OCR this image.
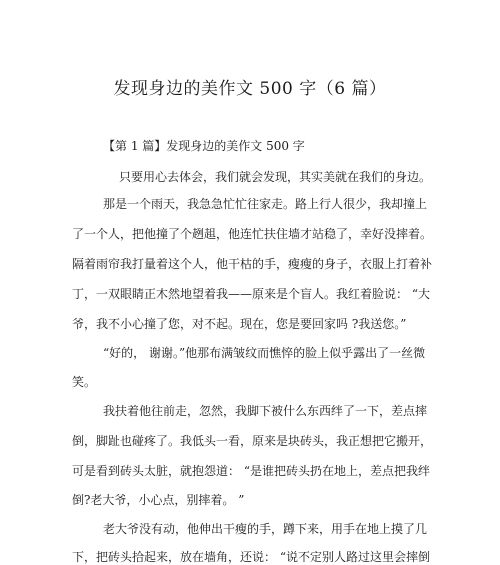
发现身边的美作文 500 字（6 篇）
【第 1 篇】发现身边的美作文 500 字
只要用心去体会，我们就会发现，其实美就在我们的身边。
那是一个雨天，我急急忙忙往家走。路上行人很少，我却撞上
了一个人，把他撞了个趔趄，他连忙扶住墙才站稳了，幸好没摔着。
隔着雨帘我打量着这个人，他干枯的手，瘦瘦的身子，衣服上打着补
丁，一双眼睛正木然地望着我——原来是个盲人。我红着脸说： “大
爷，我不小心撞了您，对不起。现在，您是要回家吗 ?我送您。”
“好的， 谢谢。”他那布满皱纹而憔悴的脸上似乎露出了一丝微
笑。
我扶着他往前走，忽然，我脚下被什么东西绊了一下，差点摔
倒，脚趾也碰疼了。我低头一看，原来是块砖头，我正想把它搬开，
可是看到砖头太脏，就抱怨道： “是谁把砖头扔在地上，差点把我绊
倒?老大爷，小心点，别摔着。 ”
老大爷没有动，他伸出干瘦的手，蹲下来，用手在地上摸了几
下，把砖头拾起来，放在墙角，还说： “说不定别人路过这里会摔倒
